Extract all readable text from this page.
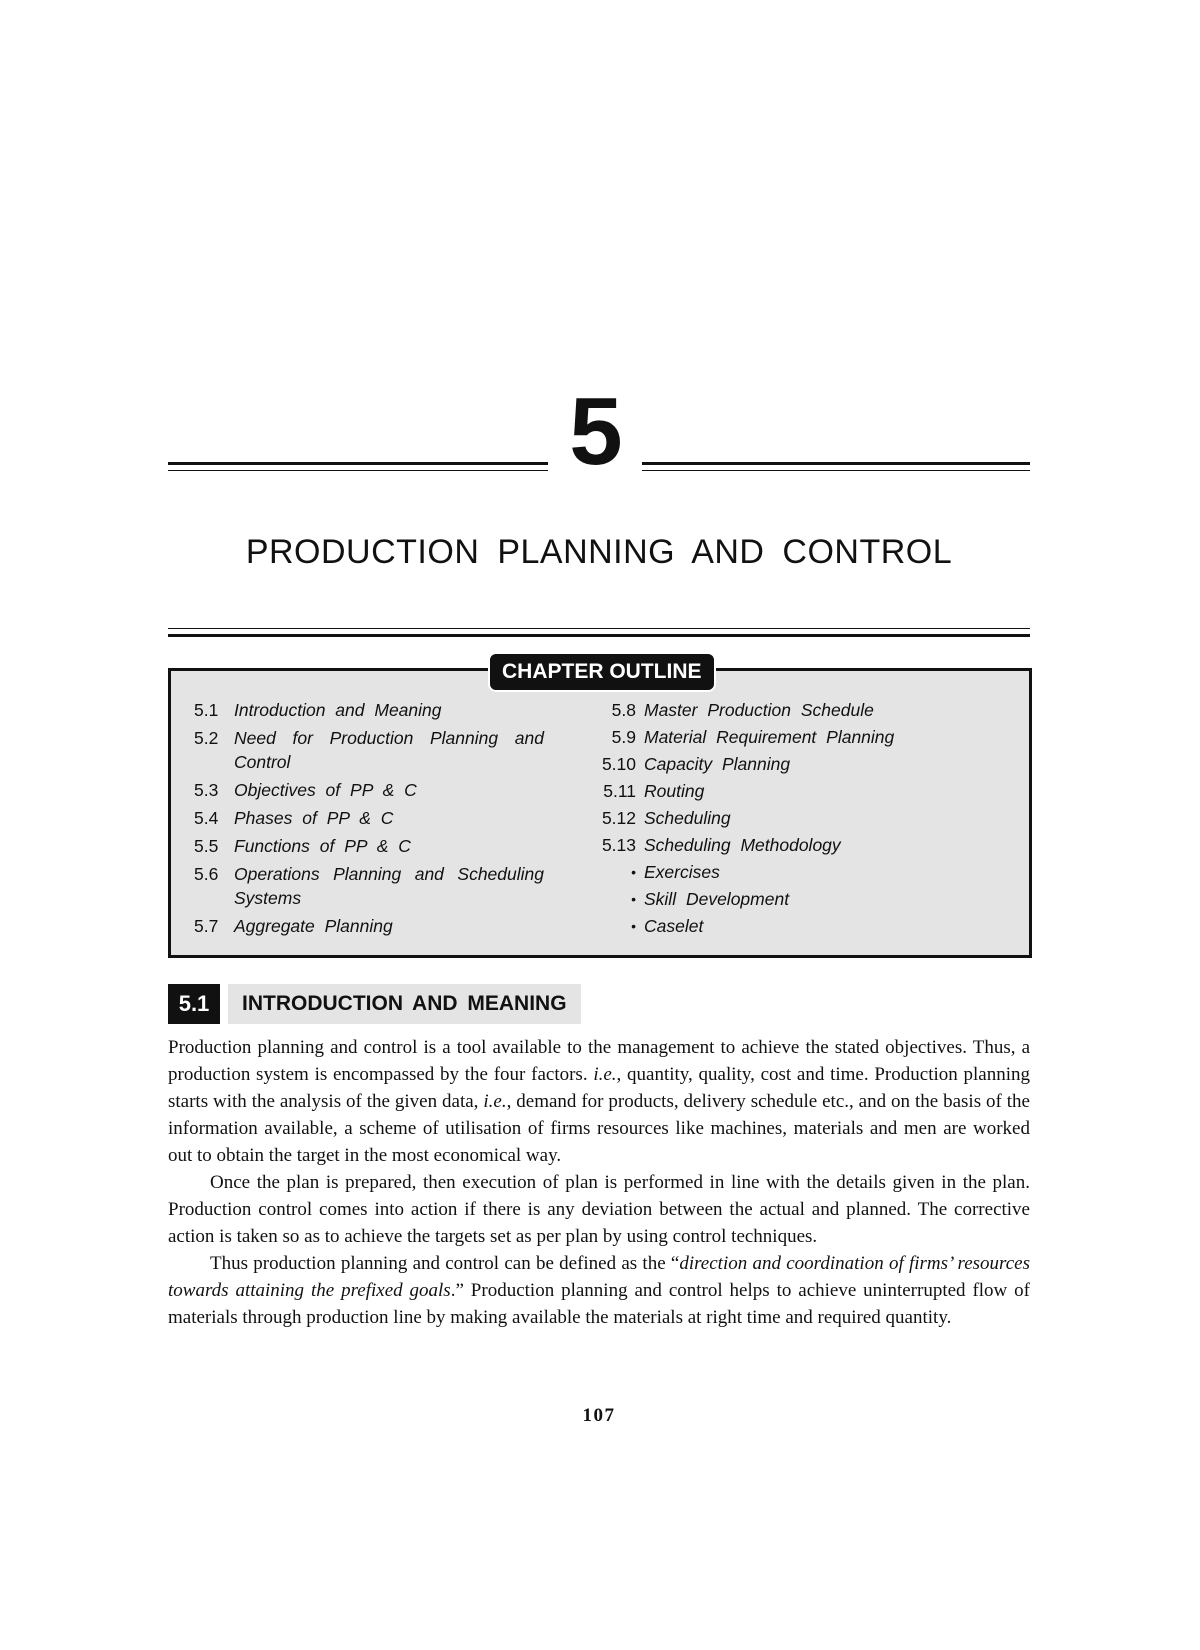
5
PRODUCTION PLANNING AND CONTROL
CHAPTER OUTLINE
5.1 Introduction and Meaning
5.2 Need for Production Planning and Control
5.3 Objectives of PP & C
5.4 Phases of PP & C
5.5 Functions of PP & C
5.6 Operations Planning and Scheduling Systems
5.7 Aggregate Planning
5.8 Master Production Schedule
5.9 Material Requirement Planning
5.10 Capacity Planning
5.11 Routing
5.12 Scheduling
5.13 Scheduling Methodology
• Exercises
• Skill Development
• Caselet
5.1	INTRODUCTION AND MEANING

Production planning and control is a tool available to the management to achieve the stated objectives. Thus, a production system is encompassed by the four factors. i.e., quantity, quality, cost and time. Production planning starts with the analysis of the given data, i.e., demand for products, delivery schedule etc., and on the basis of the information available, a scheme of utilisation of firms resources like machines, materials and men are worked out to obtain the target in the most economical way.

Once the plan is prepared, then execution of plan is performed in line with the details given in the plan. Production control comes into action if there is any deviation between the actual and planned. The corrective action is taken so as to achieve the targets set as per plan by using control techniques.

Thus production planning and control can be defined as the “direction and coordination of firms’ resources towards attaining the prefixed goals.” Production planning and control helps to achieve uninterrupted flow of materials through production line by making available the materials at right time and required quantity.

107
